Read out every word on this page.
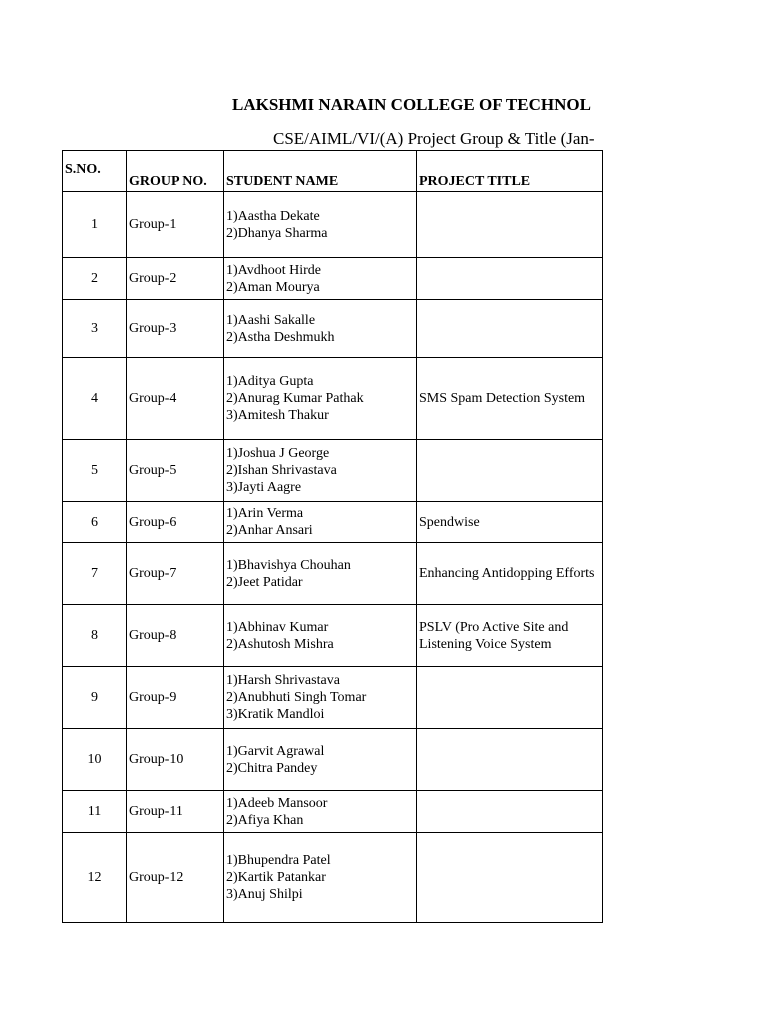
LAKSHMI NARAIN COLLEGE OF TECHNOL
CSE/AIML/VI/(A) Project Group & Title (Jan-
S.NO.	GROUP NO.	STUDENT NAME	PROJECT TITLE
1	Group-1	1)Aastha Dekate
2)Dhanya Sharma	

2	Group-2	1)Avdhoot Hirde
2)Aman Mourya	

3	Group-3	1)Aashi Sakalle
2)Astha Deshmukh	

4	Group-4	1)Aditya Gupta
2)Anurag Kumar Pathak
3)Amitesh Thakur	SMS Spam Detection System
5	Group-5	1)Joshua J George
2)Ishan Shrivastava
3)Jayti Aagre	

6	Group-6	1)Arin Verma
2)Anhar Ansari	Spendwise
7	Group-7	1)Bhavishya Chouhan
2)Jeet Patidar	Enhancing Antidopping Efforts
8	Group-8	1)Abhinav Kumar
2)Ashutosh Mishra	PSLV (Pro Active Site and Listening Voice System
9	Group-9	1)Harsh Shrivastava
2)Anubhuti Singh Tomar
3)Kratik Mandloi	

10	Group-10	1)Garvit Agrawal
2)Chitra Pandey	

11	Group-11	1)Adeeb Mansoor
2)Afiya Khan	

12	Group-12	1)Bhupendra Patel
2)Kartik Patankar
3)Anuj Shilpi	
